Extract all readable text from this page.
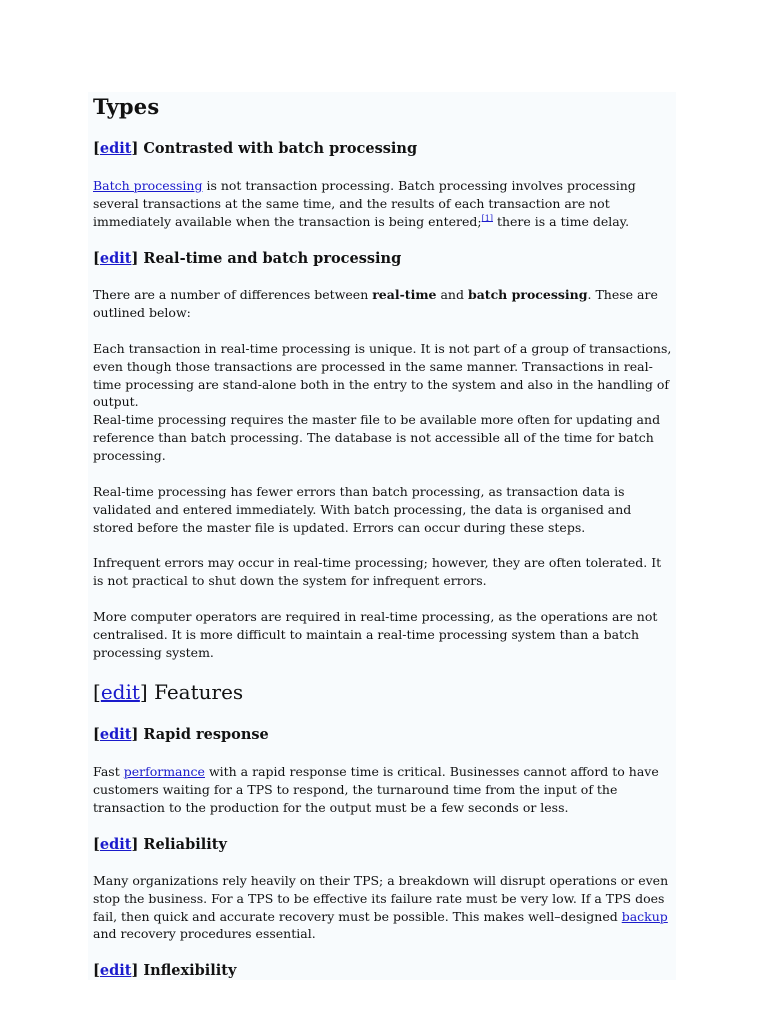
Types
[edit] Contrasted with batch processing

Batch processing is not transaction processing. Batch processing involves processing several transactions at the same time, and the results of each transaction are not immediately available when the transaction is being entered;[1] there is a time delay.

[edit] Real-time and batch processing

There are a number of differences between real-time and batch processing. These are outlined below:

Each transaction in real-time processing is unique. It is not part of a group of transactions, even though those transactions are processed in the same manner. Transactions in real-time processing are stand-alone both in the entry to the system and also in the handling of output.

Real-time processing requires the master file to be available more often for updating and reference than batch processing. The database is not accessible all of the time for batch processing.

Real-time processing has fewer errors than batch processing, as transaction data is validated and entered immediately. With batch processing, the data is organised and stored before the master file is updated. Errors can occur during these steps.

Infrequent errors may occur in real-time processing; however, they are often tolerated. It is not practical to shut down the system for infrequent errors.

More computer operators are required in real-time processing, as the operations are not centralised. It is more difficult to maintain a real-time processing system than a batch processing system.

[edit] Features
[edit] Rapid response

Fast performance with a rapid response time is critical. Businesses cannot afford to have customers waiting for a TPS to respond, the turnaround time from the input of the transaction to the production for the output must be a few seconds or less.

[edit] Reliability

Many organizations rely heavily on their TPS; a breakdown will disrupt operations or even stop the business. For a TPS to be effective its failure rate must be very low. If a TPS does fail, then quick and accurate recovery must be possible. This makes well–designed backup and recovery procedures essential.

[edit] Inflexibility
